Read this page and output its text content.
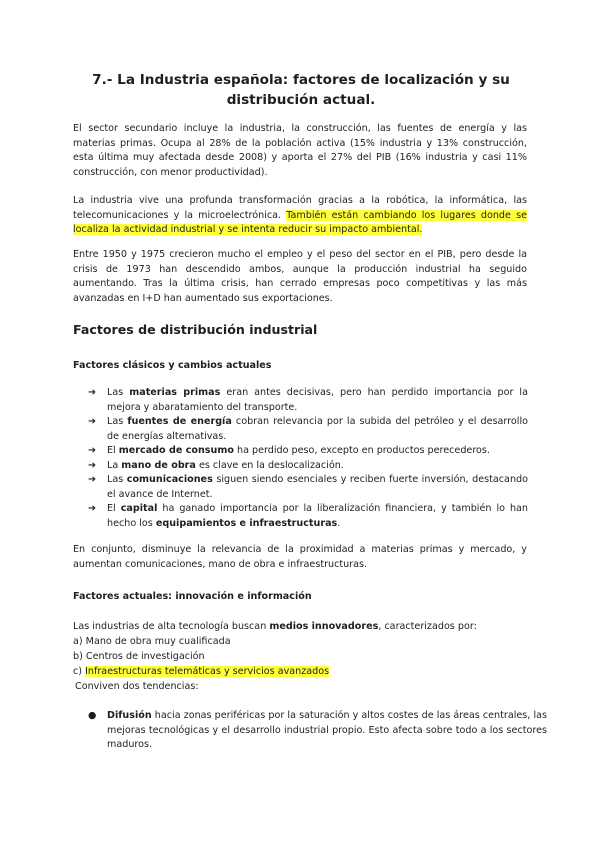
7.- La Industria española: factores de localización y su distribución actual.

El sector secundario incluye la industria, la construcción, las fuentes de energía y las materias primas. Ocupa al 28% de la población activa (15% industria y 13% construcción, esta última muy afectada desde 2008) y aporta el 27% del PIB (16% industria y casi 11% construcción, con menor productividad).

La industria vive una profunda transformación gracias a la robótica, la informática, las telecomunicaciones y la microelectrónica. También están cambiando los lugares donde se localiza la actividad industrial y se intenta reducir su impacto ambiental.

Entre 1950 y 1975 crecieron mucho el empleo y el peso del sector en el PIB, pero desde la crisis de 1973 han descendido ambos, aunque la producción industrial ha seguido aumentando. Tras la última crisis, han cerrado empresas poco competitivas y las más avanzadas en I+D han aumentado sus exportaciones.

Factores de distribución industrial
Factores clásicos y cambios actuales
➔ Las materias primas eran antes decisivas, pero han perdido importancia por la mejora y abaratamiento del transporte.
➔ Las fuentes de energía cobran relevancia por la subida del petróleo y el desarrollo de energías alternativas.
➔ El mercado de consumo ha perdido peso, excepto en productos perecederos.
➔ La mano de obra es clave en la deslocalización.
➔ Las comunicaciones siguen siendo esenciales y reciben fuerte inversión, destacando el avance de Internet.
➔ El capital ha ganado importancia por la liberalización financiera, y también lo han hecho los equipamientos e infraestructuras.

En conjunto, disminuye la relevancia de la proximidad a materias primas y mercado, y aumentan comunicaciones, mano de obra e infraestructuras.

Factores actuales: innovación e información

Las industrias de alta tecnología buscan medios innovadores, caracterizados por:

a) Mano de obra muy cualificada

b) Centros de investigación

c) Infraestructuras telemáticas y servicios avanzados

Conviven dos tendencias:

● Difusión hacia zonas periféricas por la saturación y altos costes de las áreas centrales, las mejoras tecnológicas y el desarrollo industrial propio. Esto afecta sobre todo a los sectores maduros.
